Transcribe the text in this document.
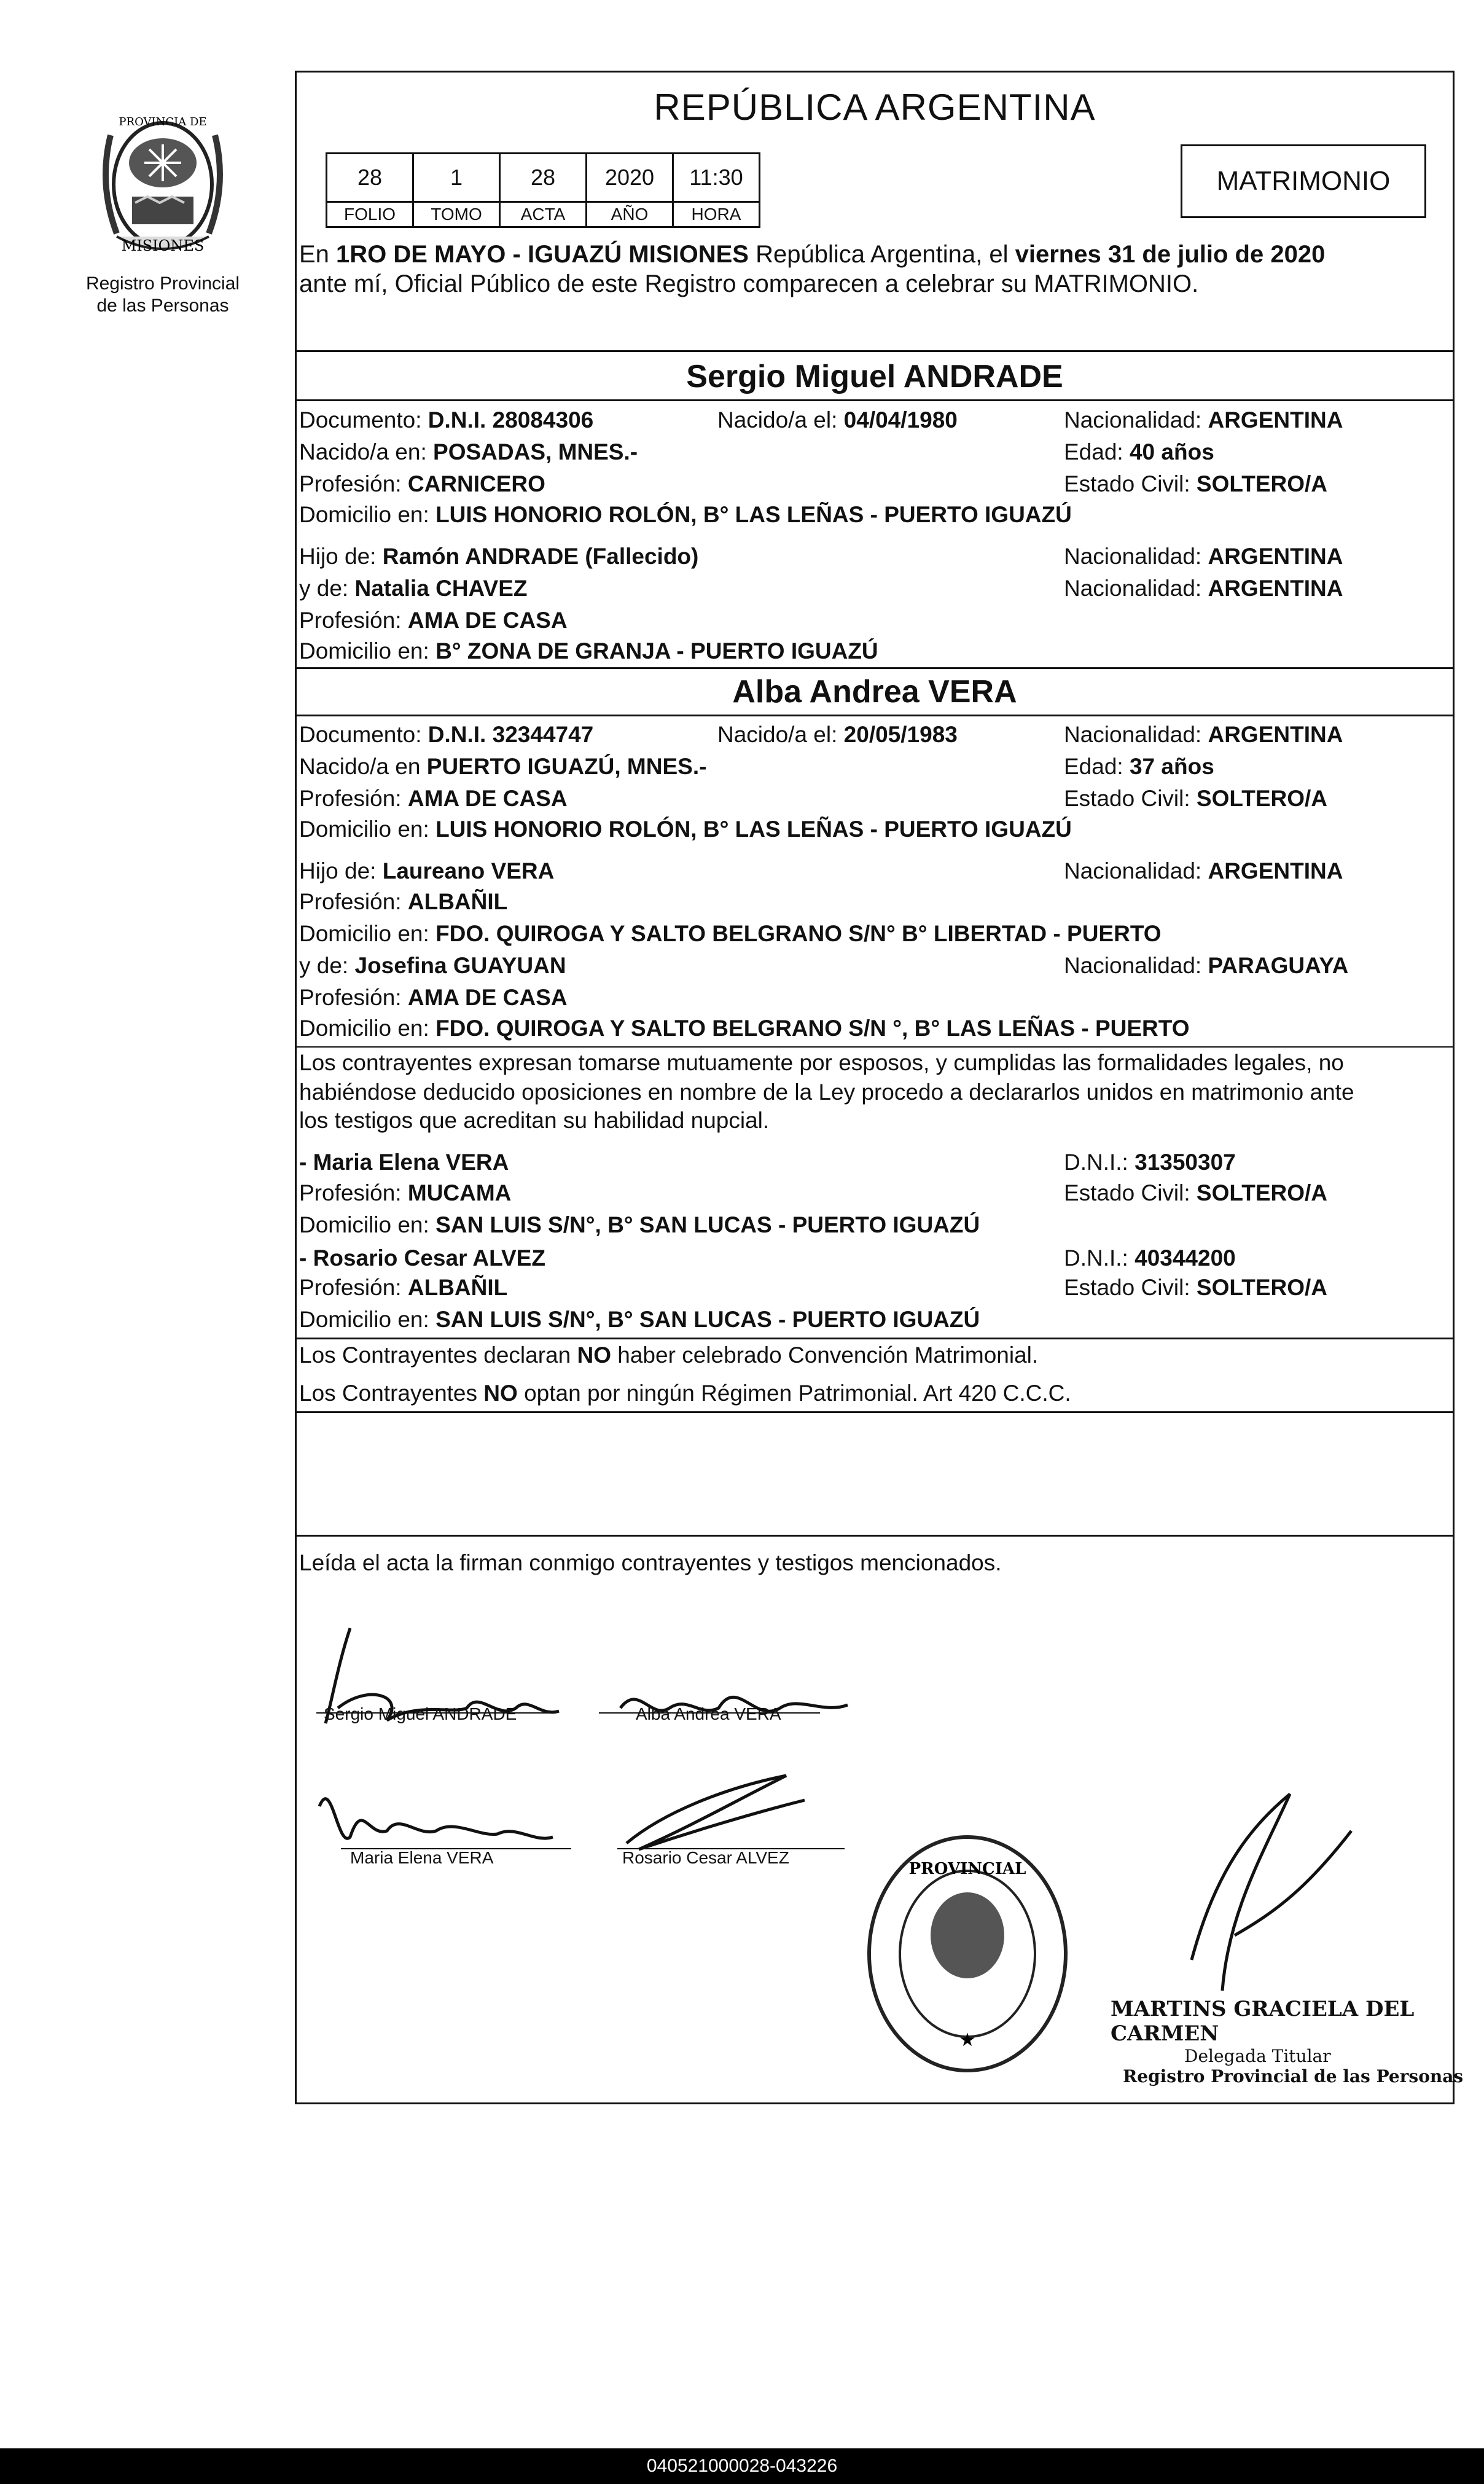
MISIONES
PROVINCIA DE
Registro Provincial
de las Personas
REPÚBLICA ARGENTINA
28	1	28	2020	11:30
FOLIO	TOMO	ACTA	AÑO	HORA
MATRIMONIO
En 1RO DE MAYO - IGUAZÚ MISIONES República Argentina, el viernes 31 de julio de 2020
ante mí, Oficial Público de este Registro comparecen a celebrar su MATRIMONIO.
Sergio Miguel ANDRADE
Documento: D.N.I. 28084306	Nacido/a el: 04/04/1980	Nacionalidad: ARGENTINA
Nacido/a en: POSADAS, MNES.-	Edad: 40 años
Profesión: CARNICERO	Estado Civil: SOLTERO/A
Domicilio en: LUIS HONORIO ROLÓN, B° LAS LEÑAS - PUERTO IGUAZÚ
Hijo de: Ramón ANDRADE (Fallecido)	Nacionalidad: ARGENTINA
y de: Natalia CHAVEZ	Nacionalidad: ARGENTINA
Profesión: AMA DE CASA
Domicilio en: B° ZONA DE GRANJA - PUERTO IGUAZÚ
Alba Andrea VERA
Documento: D.N.I. 32344747	Nacido/a el: 20/05/1983	Nacionalidad: ARGENTINA
Nacido/a en PUERTO IGUAZÚ, MNES.-	Edad: 37 años
Profesión: AMA DE CASA	Estado Civil: SOLTERO/A
Domicilio en: LUIS HONORIO ROLÓN, B° LAS LEÑAS - PUERTO IGUAZÚ
Hijo de: Laureano VERA	Nacionalidad: ARGENTINA
Profesión: ALBAÑIL
Domicilio en: FDO. QUIROGA Y SALTO BELGRANO S/N° B° LIBERTAD - PUERTO
y de: Josefina GUAYUAN	Nacionalidad: PARAGUAYA
Profesión: AMA DE CASA
Domicilio en: FDO. QUIROGA Y SALTO BELGRANO S/N °, B° LAS LEÑAS - PUERTO
Los contrayentes expresan tomarse mutuamente por esposos, y cumplidas las formalidades legales, no
habiéndose deducido oposiciones en nombre de la Ley procedo a declararlos unidos en matrimonio ante
los testigos que acreditan su habilidad nupcial.
- Maria Elena VERA	D.N.I.: 31350307
Profesión: MUCAMA	Estado Civil: SOLTERO/A
Domicilio en: SAN LUIS S/N°, B° SAN LUCAS - PUERTO IGUAZÚ
- Rosario Cesar ALVEZ	D.N.I.: 40344200
Profesión: ALBAÑIL	Estado Civil: SOLTERO/A
Domicilio en: SAN LUIS S/N°, B° SAN LUCAS - PUERTO IGUAZÚ
Los Contrayentes declaran NO haber celebrado Convención Matrimonial.
Los Contrayentes NO optan por ningún Régimen Patrimonial. Art 420 C.C.C.
Leída el acta la firman conmigo contrayentes y testigos mencionados.
PROVINCIAL
★
Sergio Miguel ANDRADE	Alba Andrea VERA
Maria Elena VERA	Rosario Cesar ALVEZ
MARTINS GRACIELA DEL CARMEN
Delegada Titular
Registro Provincial de las Personas
040521000028-043226
